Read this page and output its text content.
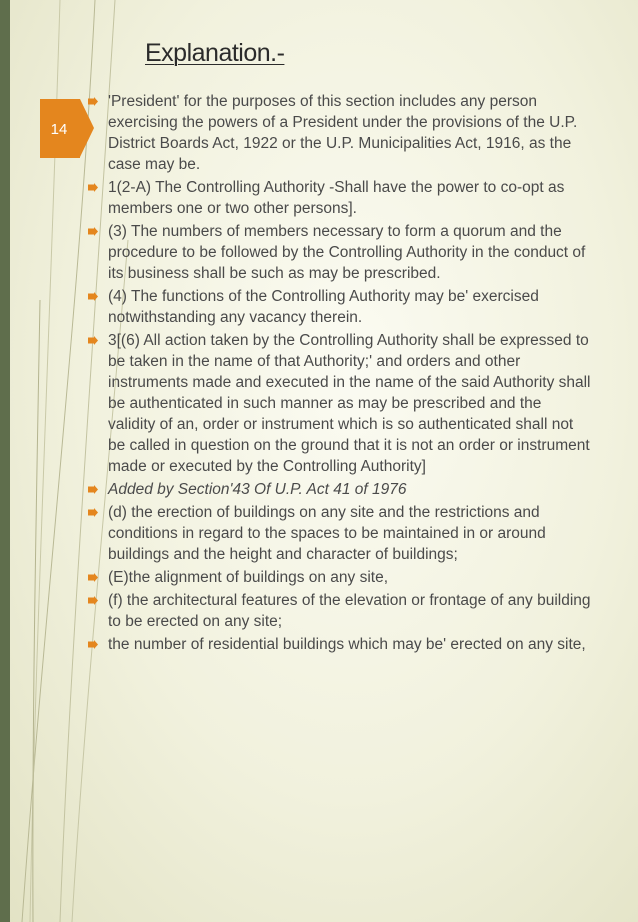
14
Explanation.-
'President' for the purposes of this section includes any person exercising the powers of a President under the provisions of the U.P. District Boards Act, 1922 or the U.P. Municipalities Act, 1916, as the case may be.
1(2-A) The Controlling Authority -Shall have the power to co-opt as members one or two other persons].
(3) The numbers of members necessary to form a quorum and the procedure to be followed by the Controlling Authority in the conduct of its business shall be such as may be prescribed.
(4) The functions of the Controlling Authority may be' exercised notwithstanding any vacancy therein.
3[(6) All action taken by the Controlling Authority shall be expressed to be taken in the name of that Authority;' and orders and other instruments made and executed in the name of the said Authority shall be authenticated in such manner as may be prescribed and the validity of an, order or instrument which is so authenticated shall not be called in question on the ground that it is not an order or instrument made or executed by the Controlling Authority]
Added by Section'43 Of U.P. Act 41 of 1976
(d) the erection of buildings on any site and the restrictions and conditions in regard to the spaces to be maintained in or around buildings and the height and character of buildings;
(E)the alignment of buildings on any site,
(f) the architectural features of the elevation or frontage of any building to be erected on any site;
the number of residential buildings which may be' erected on any site,
